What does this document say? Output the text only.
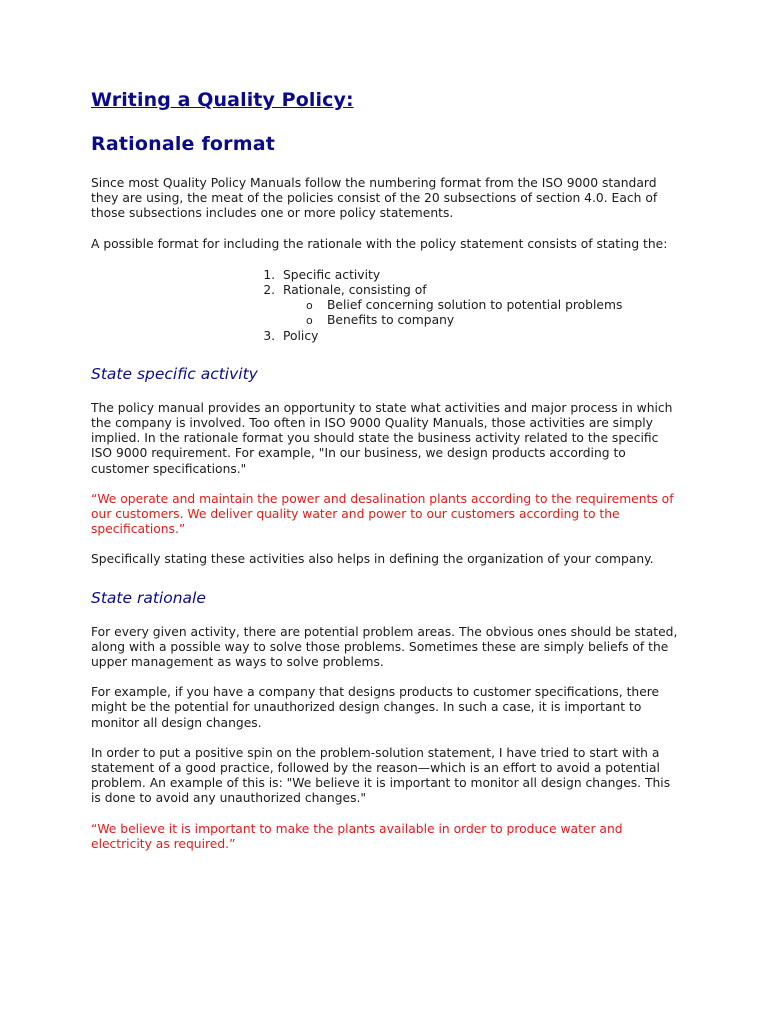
Writing a Quality Policy:
Rationale format

Since most Quality Policy Manuals follow the numbering format from the ISO 9000 standard they are using, the meat of the policies consist of the 20 subsections of section 4.0. Each of those subsections includes one or more policy statements.

A possible format for including the rationale with the policy statement consists of stating the:

1. Specific activity
2. Rationale, consisting of
o Belief concerning solution to potential problems
o Benefits to company
3. Policy
State specific activity

The policy manual provides an opportunity to state what activities and major process in which the company is involved. Too often in ISO 9000 Quality Manuals, those activities are simply implied. In the rationale format you should state the business activity related to the specific ISO 9000 requirement. For example, "In our business, we design products according to customer specifications."

“We operate and maintain the power and desalination plants according to the requirements of our customers. We deliver quality water and power to our customers according to the specifications.”

Specifically stating these activities also helps in defining the organization of your company.

State rationale

For every given activity, there are potential problem areas. The obvious ones should be stated, along with a possible way to solve those problems. Sometimes these are simply beliefs of the upper management as ways to solve problems.

For example, if you have a company that designs products to customer specifications, there might be the potential for unauthorized design changes. In such a case, it is important to monitor all design changes.

In order to put a positive spin on the problem-solution statement, I have tried to start with a statement of a good practice, followed by the reason—which is an effort to avoid a potential problem. An example of this is: "We believe it is important to monitor all design changes. This is done to avoid any unauthorized changes."

“We believe it is important to make the plants available in order to produce water and electricity as required.”
